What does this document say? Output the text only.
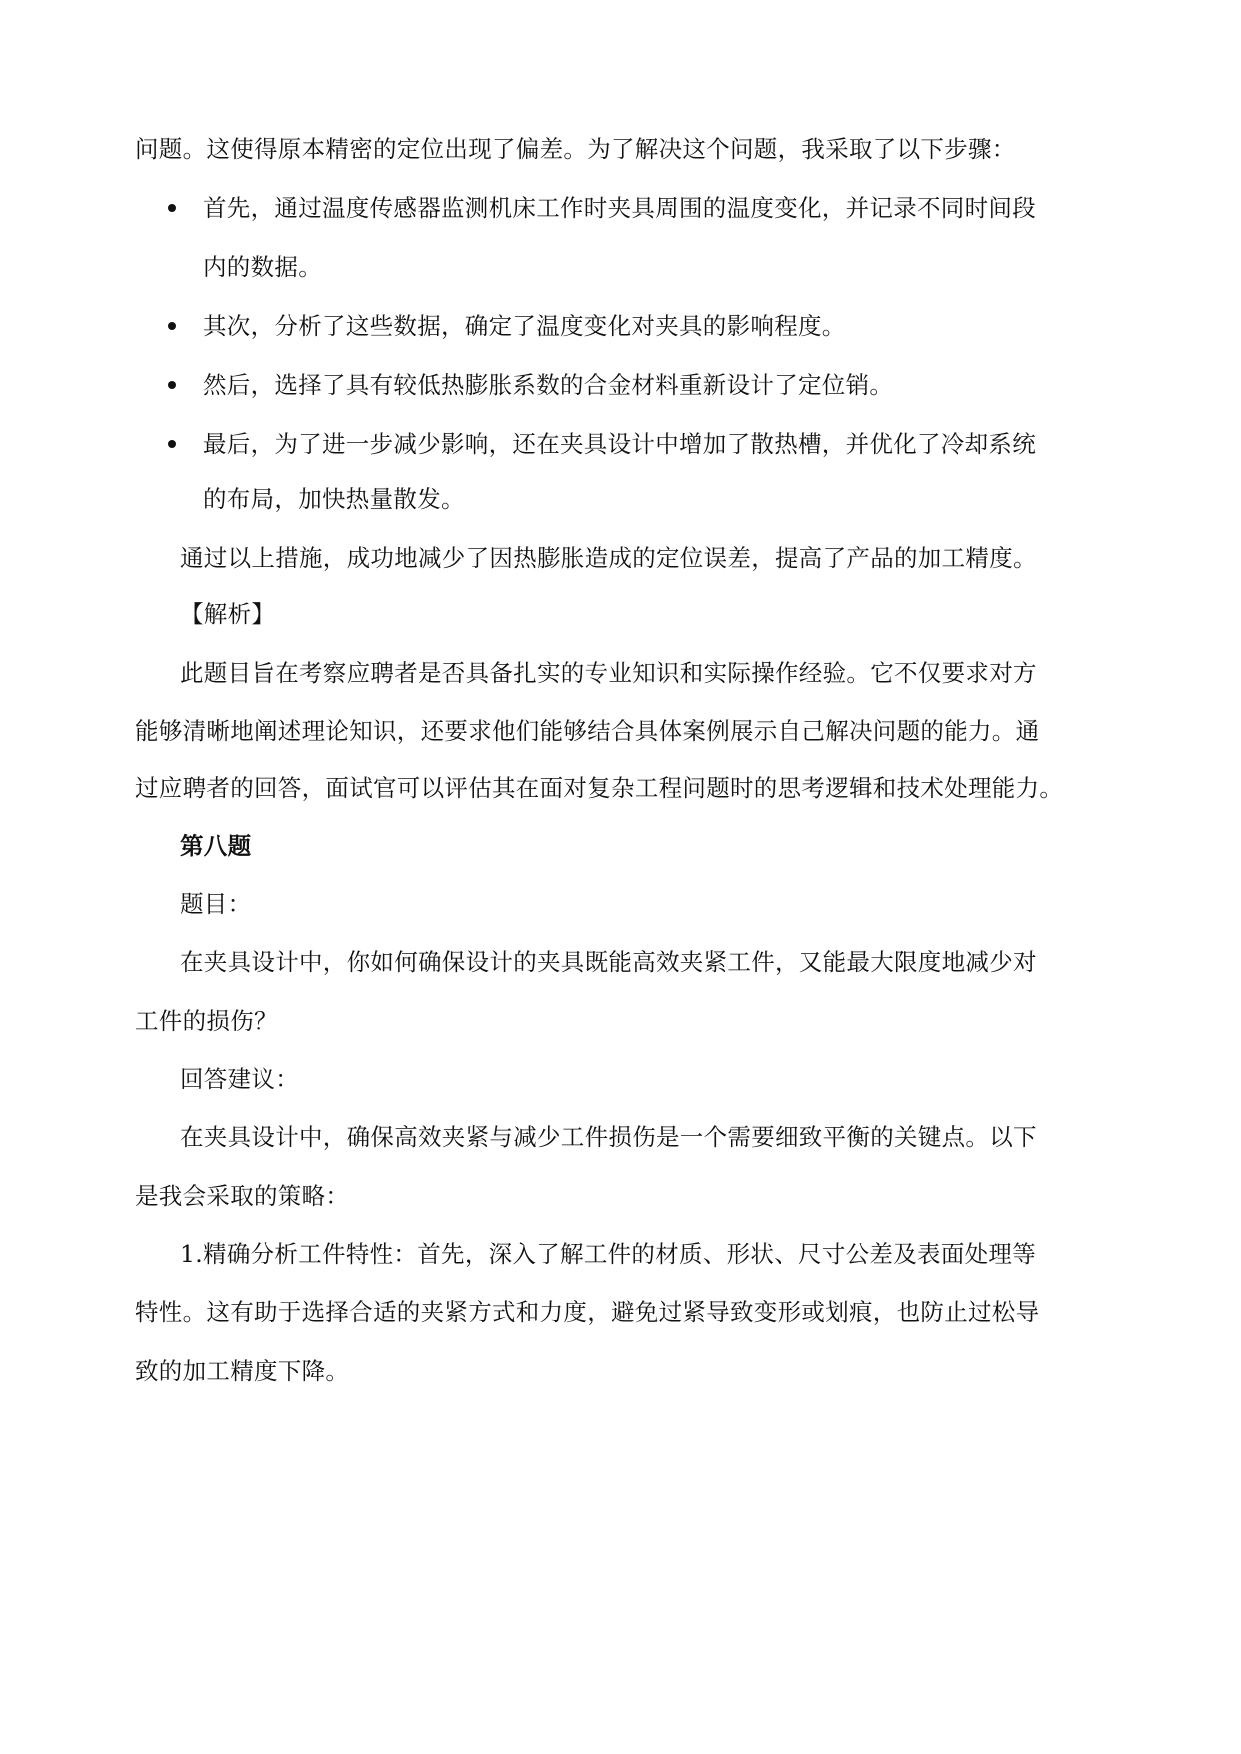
问题。这使得原本精密的定位出现了偏差。为了解决这个问题，我采取了以下步骤：
首先，通过温度传感器监测机床工作时夹具周围的温度变化，并记录不同时间段
内的数据。
其次，分析了这些数据，确定了温度变化对夹具的影响程度。
然后，选择了具有较低热膨胀系数的合金材料重新设计了定位销。
最后，为了进一步减少影响，还在夹具设计中增加了散热槽，并优化了冷却系统
的布局，加快热量散发。
通过以上措施，成功地减少了因热膨胀造成的定位误差，提高了产品的加工精度。
【解析】
此题目旨在考察应聘者是否具备扎实的专业知识和实际操作经验。它不仅要求对方
能够清晰地阐述理论知识，还要求他们能够结合具体案例展示自己解决问题的能力。通
过应聘者的回答，面试官可以评估其在面对复杂工程问题时的思考逻辑和技术处理能力。
第八题
题目：
在夹具设计中，你如何确保设计的夹具既能高效夹紧工件，又能最大限度地减少对
工件的损伤？
回答建议：
在夹具设计中，确保高效夹紧与减少工件损伤是一个需要细致平衡的关键点。以下
是我会采取的策略：
1.精确分析工件特性：首先，深入了解工件的材质、形状、尺寸公差及表面处理等
特性。这有助于选择合适的夹紧方式和力度，避免过紧导致变形或划痕，也防止过松导
致的加工精度下降。
